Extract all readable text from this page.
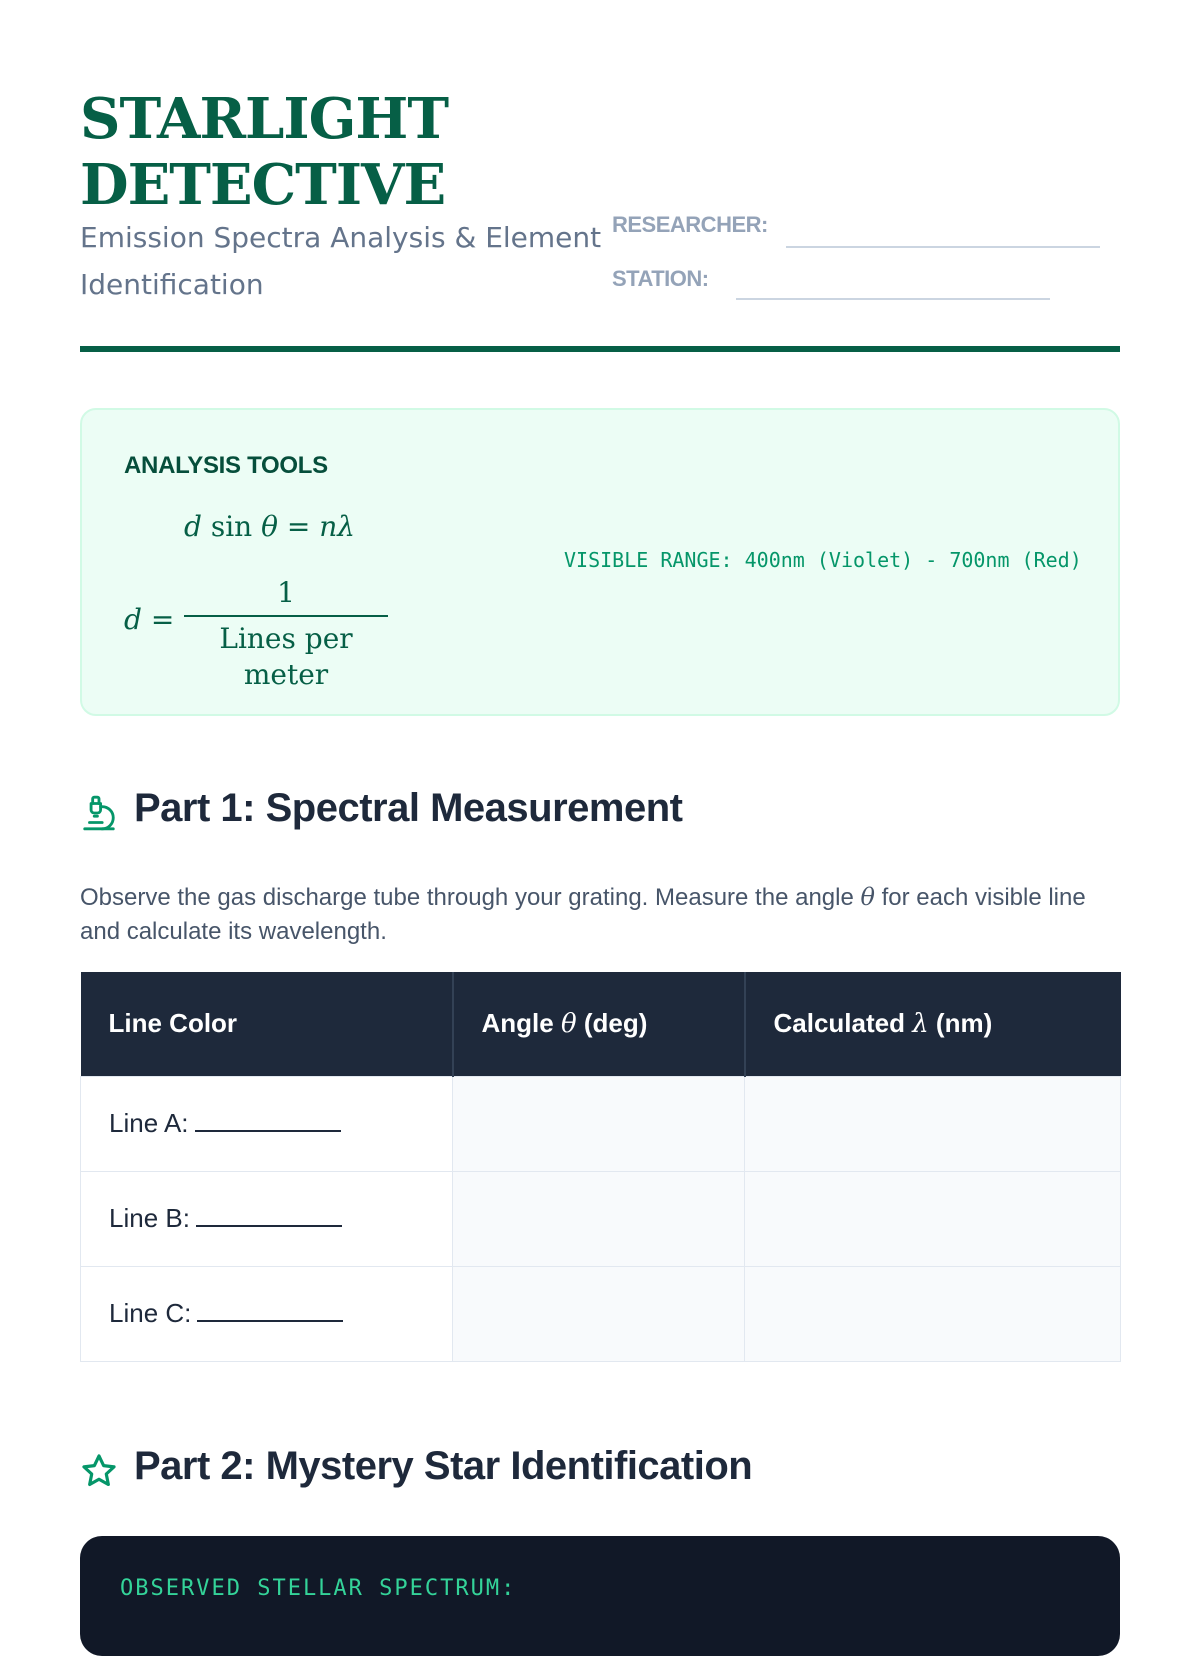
STARLIGHT
DETECTIVE

Emission Spectra Analysis & Element Identification

RESEARCHER:
STATION:
ANALYSIS TOOLS
d sin θ = nλ
d =
1
Lines per meter
VISIBLE RANGE: 400nm (Violet) - 700nm (Red)
Part 1: Spectral Measurement

Observe the gas discharge tube through your grating. Measure the angle θ for each visible line and calculate its wavelength.

Line Color	Angle θ (deg)	Calculated λ (nm)
Line A:		
Line B:		
Line C:		
Part 2: Mystery Star Identification
OBSERVED STELLAR SPECTRUM:
